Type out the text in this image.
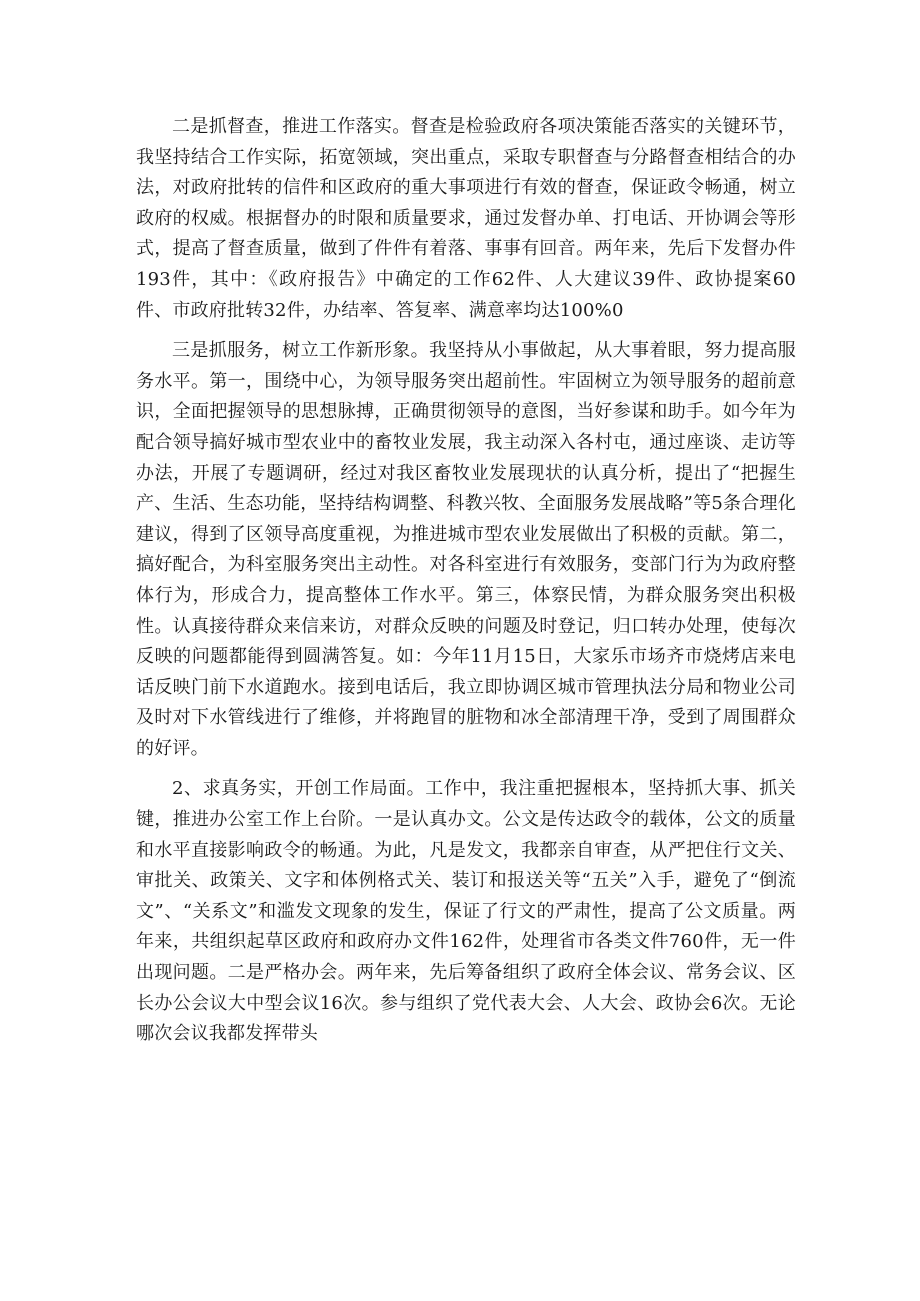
二是抓督查，推进工作落实。督查是检验政府各项决策能否落实的关键环节，我坚持结合工作实际，拓宽领域，突出重点，采取专职督查与分路督查相结合的办法，对政府批转的信件和区政府的重大事项进行有效的督查，保证政令畅通，树立政府的权威。根据督办的时限和质量要求，通过发督办单、打电话、开协调会等形式，提高了督查质量，做到了件件有着落、事事有回音。两年来，先后下发督办件193件，其中：《政府报告》中确定的工作62件、人大建议39件、政协提案60件、市政府批转32件，办结率、答复率、满意率均达100%0

三是抓服务，树立工作新形象。我坚持从小事做起，从大事着眼，努力提高服务水平。第一，围绕中心，为领导服务突出超前性。牢固树立为领导服务的超前意识，全面把握领导的思想脉搏，正确贯彻领导的意图，当好参谋和助手。如今年为配合领导搞好城市型农业中的畜牧业发展，我主动深入各村屯，通过座谈、走访等办法，开展了专题调研，经过对我区畜牧业发展现状的认真分析，提出了“把握生产、生活、生态功能，坚持结构调整、科教兴牧、全面服务发展战略”等5条合理化建议，得到了区领导高度重视，为推进城市型农业发展做出了积极的贡献。第二，搞好配合，为科室服务突出主动性。对各科室进行有效服务，变部门行为为政府整体行为，形成合力，提高整体工作水平。第三，体察民情，为群众服务突出积极性。认真接待群众来信来访，对群众反映的问题及时登记，归口转办处理，使每次反映的问题都能得到圆满答复。如：今年11月15日，大家乐市场齐市烧烤店来电话反映门前下水道跑水。接到电话后，我立即协调区城市管理执法分局和物业公司及时对下水管线进行了维修，并将跑冒的脏物和冰全部清理干净，受到了周围群众的好评。

2、求真务实，开创工作局面。工作中，我注重把握根本，坚持抓大事、抓关键，推进办公室工作上台阶。一是认真办文。公文是传达政令的载体，公文的质量和水平直接影响政令的畅通。为此，凡是发文，我都亲自审查，从严把住行文关、审批关、政策关、文字和体例格式关、装订和报送关等“五关”入手，避免了“倒流文”、“关系文”和滥发文现象的发生，保证了行文的严肃性，提高了公文质量。两年来，共组织起草区政府和政府办文件162件，处理省市各类文件760件，无一件出现问题。二是严格办会。两年来，先后筹备组织了政府全体会议、常务会议、区长办公会议大中型会议16次。参与组织了党代表大会、人大会、政协会6次。无论哪次会议我都发挥带头
